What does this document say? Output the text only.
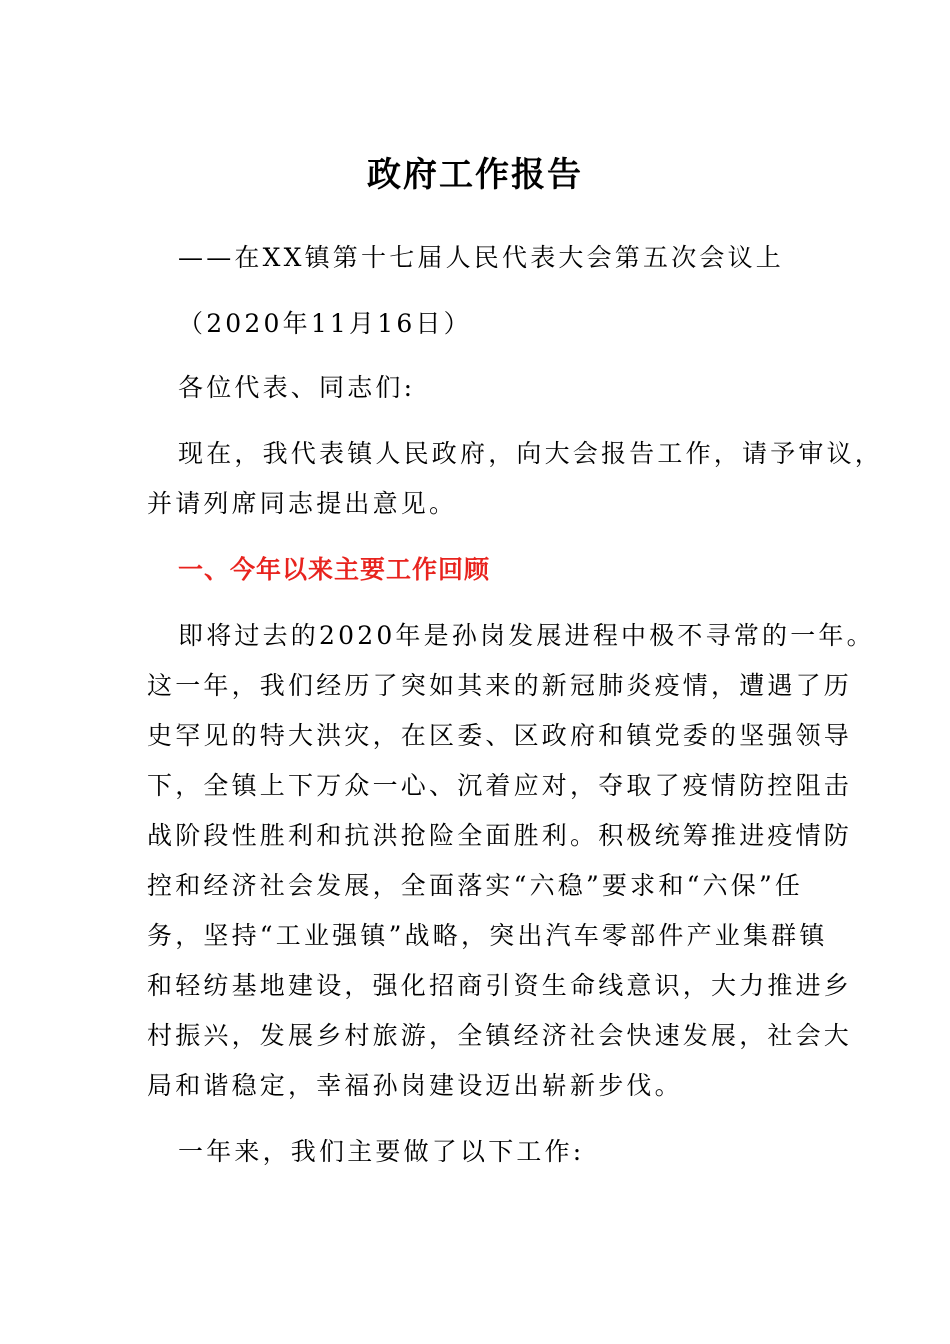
政府工作报告
——在XX镇第十七届人民代表大会第五次会议上
（2020年11月16日）
各位代表、同志们:
现在，我代表镇人民政府，向大会报告工作，请予审议，
并请列席同志提出意见。
一、今年以来主要工作回顾
即将过去的2020年是孙岗发展进程中极不寻常的一年。
这一年，我们经历了突如其来的新冠肺炎疫情，遭遇了历
史罕见的特大洪灾，在区委、区政府和镇党委的坚强领导
下，全镇上下万众一心、沉着应对，夺取了疫情防控阻击
战阶段性胜利和抗洪抢险全面胜利。积极统筹推进疫情防
控和经济社会发展，全面落实“六稳”要求和“六保”任
务，坚持“工业强镇”战略，突出汽车零部件产业集群镇
和轻纺基地建设，强化招商引资生命线意识，大力推进乡
村振兴，发展乡村旅游，全镇经济社会快速发展，社会大
局和谐稳定，幸福孙岗建设迈出崭新步伐。
一年来，我们主要做了以下工作:
